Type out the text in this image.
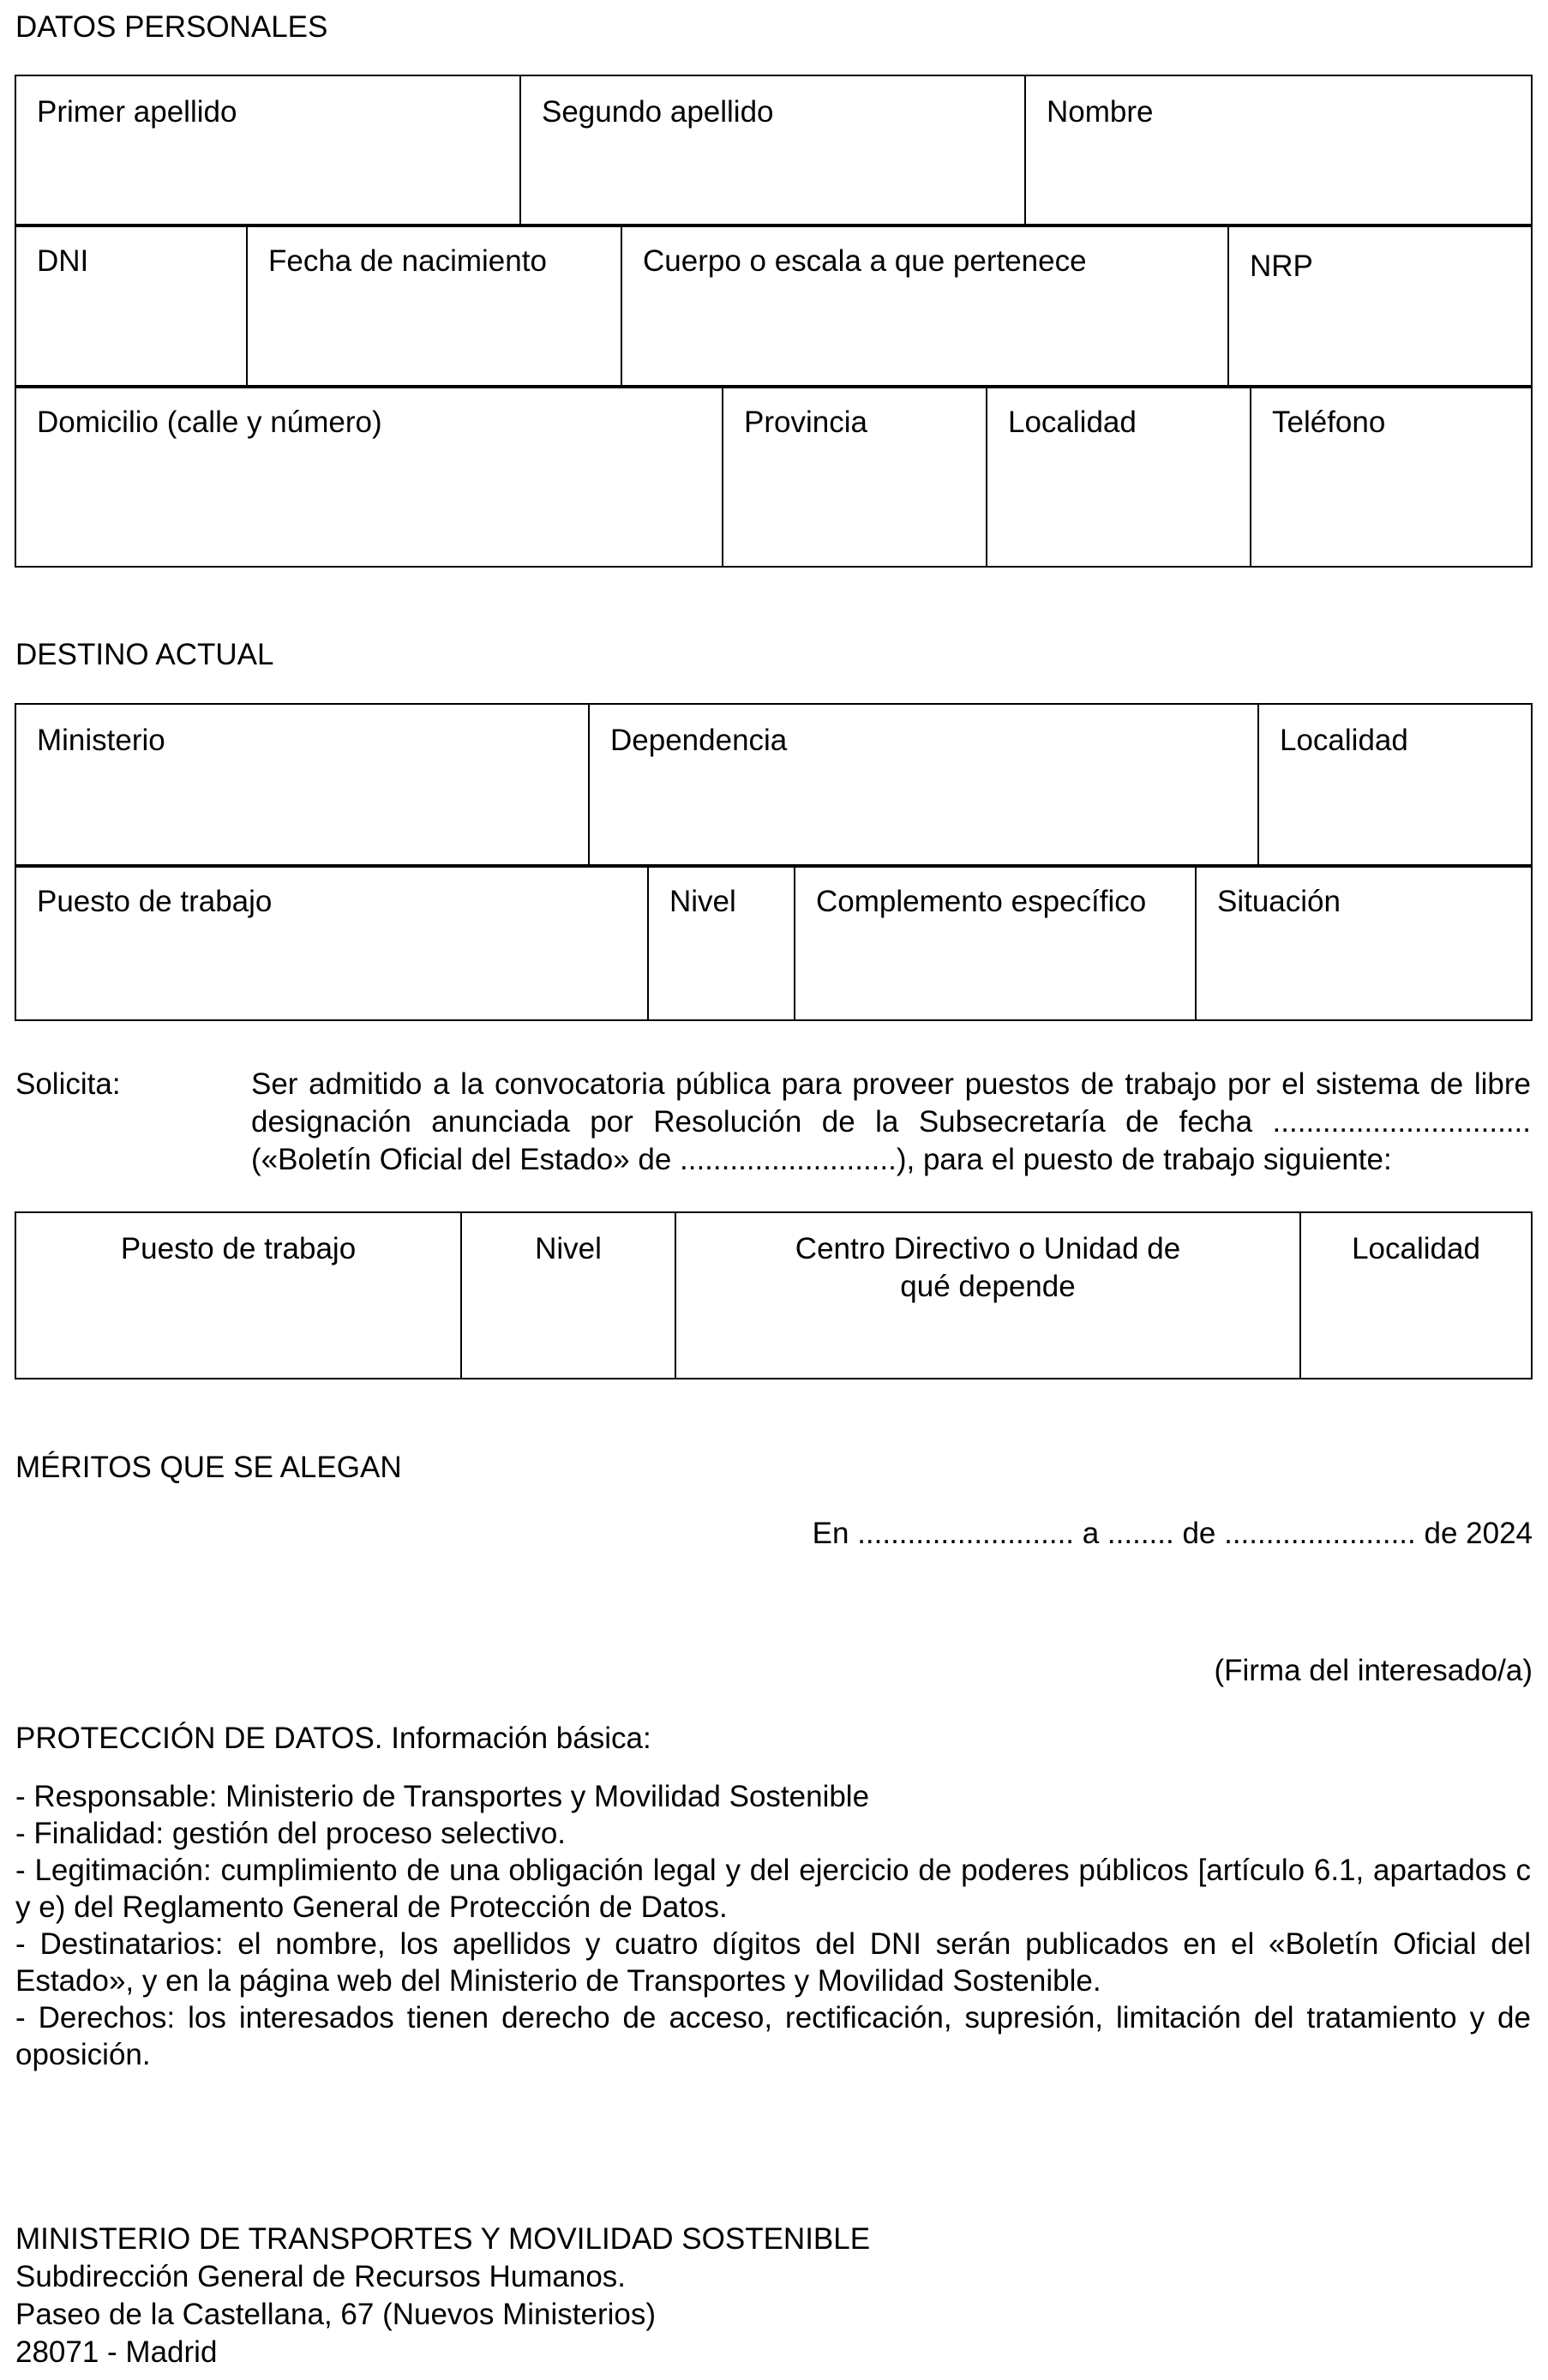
DATOS PERSONALES
Primer apellido	Segundo apellido	Nombre
DNI	Fecha de nacimiento	Cuerpo o escala a que pertenece	NRP
Domicilio (calle y número)	Provincia	Localidad	Teléfono
DESTINO ACTUAL
Ministerio	Dependencia	Localidad
Puesto de trabajo	Nivel	Complemento específico	Situación
Solicita:	Ser admitido a la convocatoria pública para proveer puestos de trabajo por el sistema de libre designación anunciada por Resolución de la Subsecretaría de fecha ............................... («Boletín Oficial del Estado» de ..........................), para el puesto de trabajo siguiente:
Puesto de trabajo	Nivel	Centro Directivo o Unidad de qué depende	Localidad
MÉRITOS QUE SE ALEGAN
En .......................... a ........ de ....................... de 2024
(Firma del interesado/a)
PROTECCIÓN DE DATOS. Información básica:
- Responsable: Ministerio de Transportes y Movilidad Sostenible
- Finalidad: gestión del proceso selectivo.
- Legitimación: cumplimiento de una obligación legal y del ejercicio de poderes públicos [artículo 6.1, apartados c y e) del Reglamento General de Protección de Datos.
- Destinatarios: el nombre, los apellidos y cuatro dígitos del DNI serán publicados en el «Boletín Oficial del Estado», y en la página web del Ministerio de Transportes y Movilidad Sostenible.
- Derechos: los interesados tienen derecho de acceso, rectificación, supresión, limitación del tratamiento y de oposición.
MINISTERIO DE TRANSPORTES Y MOVILIDAD SOSTENIBLE
Subdirección General de Recursos Humanos.
Paseo de la Castellana, 67 (Nuevos Ministerios)
28071 - Madrid
